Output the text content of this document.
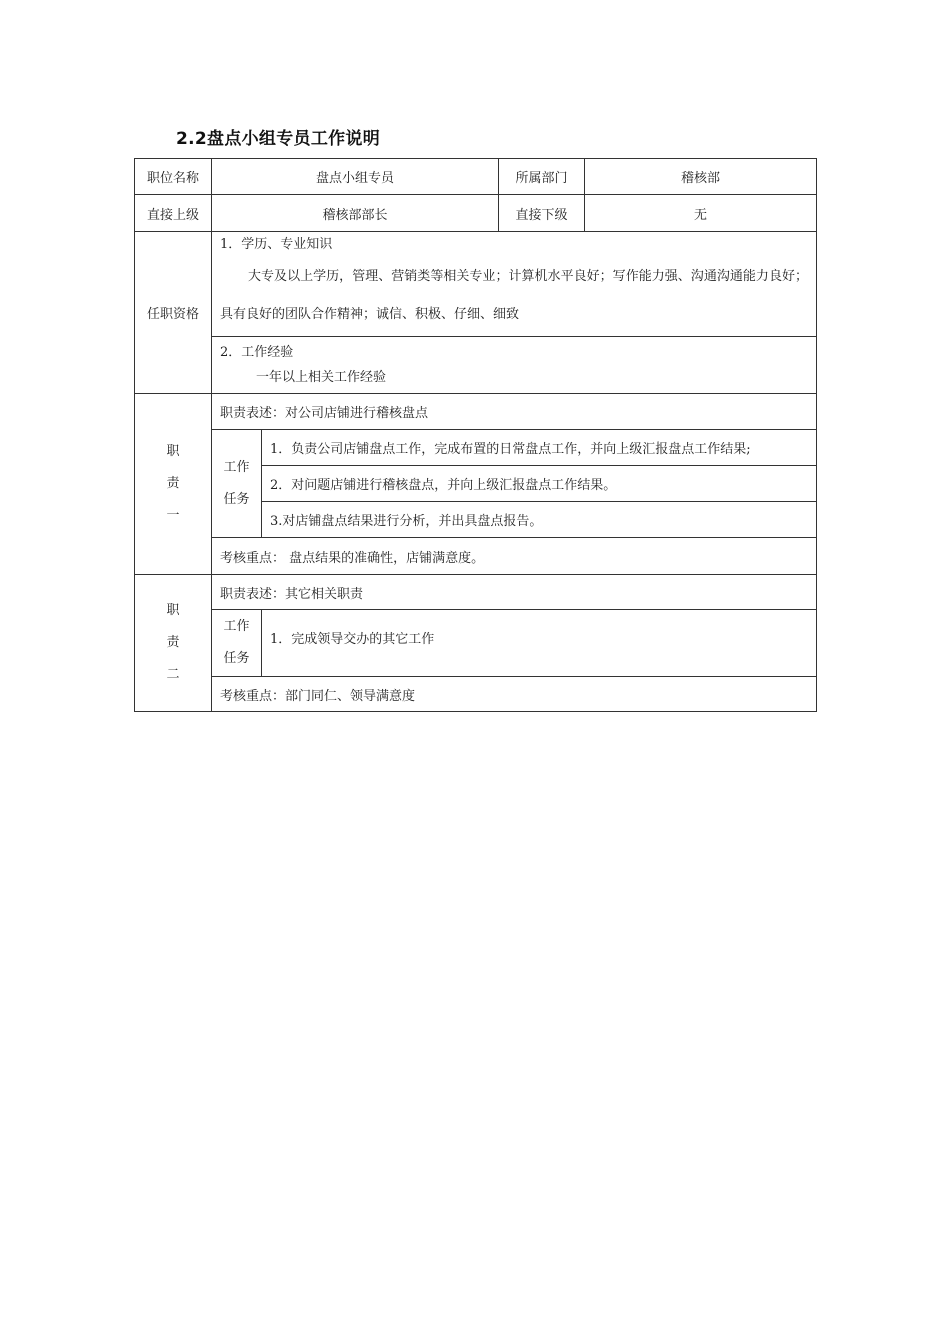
2.2盘点小组专员工作说明
职位名称	盘点小组专员		所属部门	稽核部
直接上级	稽核部部长		直接下级	无
任职资格	1．学历、专业知识
大专及以上学历，管理、营销类等相关专业；计算机水平良好；写作能力强、沟通沟通能力良好；具有良好的团队合作精神；诚信、积极、仔细、细致			

	2．工作经验
一年以上相关工作经验			

职
责
一	职责表述：对公司店铺进行稽核盘点			

	工作
任务	1．负责公司店铺盘点工作，完成布置的日常盘点工作，并向上级汇报盘点工作结果;		
		2．对问题店铺进行稽核盘点，并向上级汇报盘点工作结果。		
		3.对店铺盘点结果进行分析，并出具盘点报告。		
	考核重点： 盘点结果的准确性，店铺满意度。			

职
责
二	职责表述：其它相关职责			

	工作
任务	1．完成领导交办的其它工作		
	考核重点：部门同仁、领导满意度			
